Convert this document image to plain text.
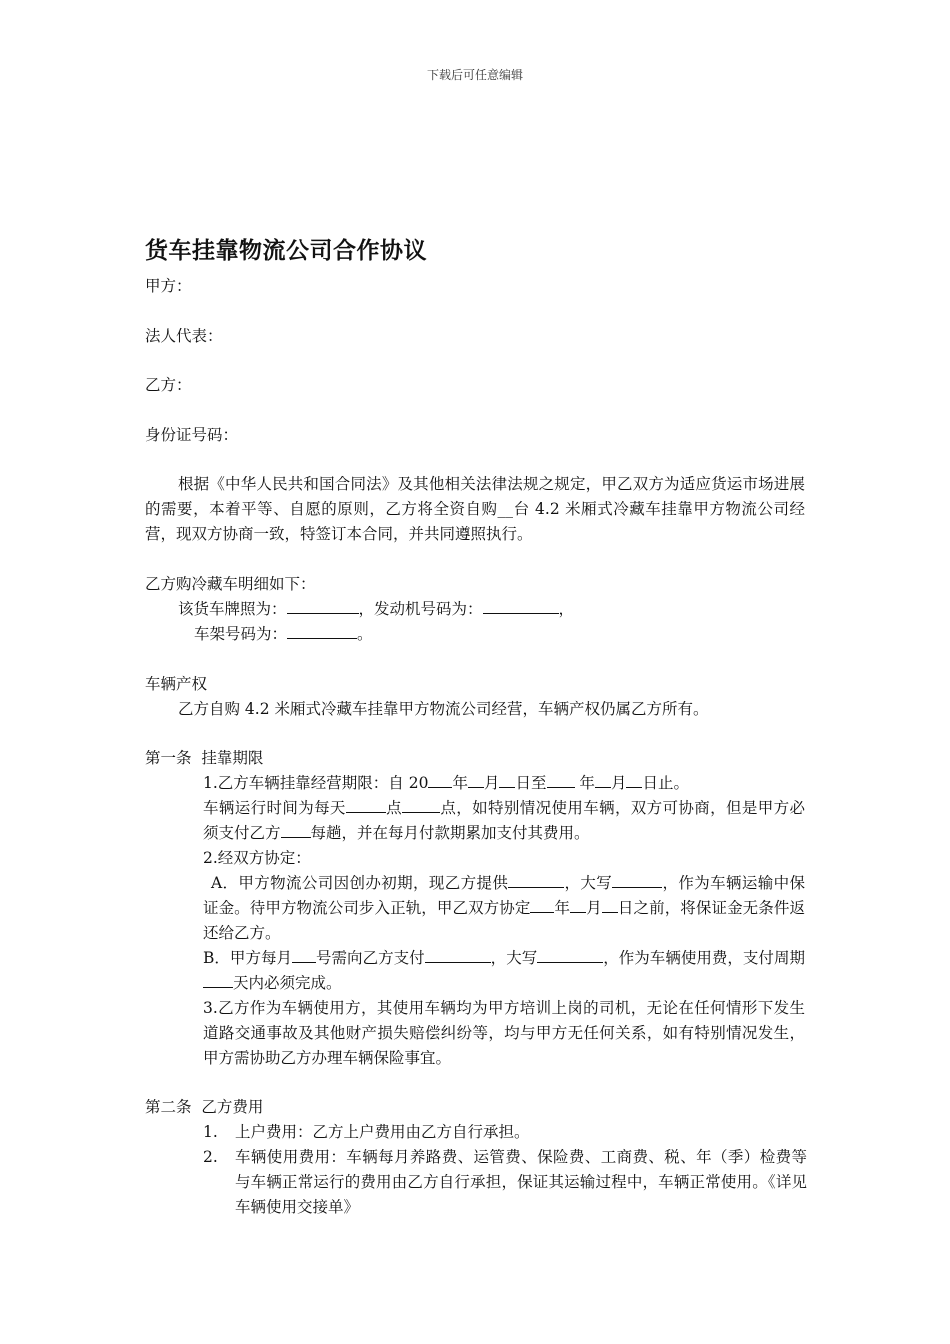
下载后可任意编辑
货车挂靠物流公司合作协议
甲方：
法人代表：
乙方：
身份证号码：
根据《中华人民共和国合同法》及其他相关法律法规之规定，甲乙双方为适应货运市场进展的需要，本着平等、自愿的原则，乙方将全资自购__台 4.2 米厢式冷藏车挂靠甲方物流公司经营，现双方协商一致，特签订本合同，并共同遵照执行。
乙方购冷藏车明细如下：
该货车牌照为：	，发动机号码为：	，
车架号码为：	。
车辆产权
乙方自购 4.2 米厢式冷藏车挂靠甲方物流公司经营，车辆产权仍属乙方所有。
第一条  挂靠期限
1.乙方车辆挂靠经营期限：自 20 年 月 日至 年 月 日止。
车辆运行时间为每天	点 点，如特别情况使用车辆，双方可协商，但是甲方必须支付乙方 每趟，并在每月付款期累加支付其费用。
2.经双方协定：
A．甲方物流公司因创办初期，现乙方提供	，大写	，作为车辆运输中保证金。待甲方物流公司步入正轨，甲乙双方协定 年 月 日之前，将保证金无条件返还给乙方。
B．甲方每月 号需向乙方支付	，大写	，作为车辆使用费，支付周期天内必须完成。
3.乙方作为车辆使用方，其使用车辆均为甲方培训上岗的司机，无论在任何情形下发生道路交通事故及其他财产损失赔偿纠纷等，均与甲方无任何关系，如有特别情况发生，甲方需协助乙方办理车辆保险事宜。
第二条  乙方费用
1. 上户费用：乙方上户费用由乙方自行承担。
2. 车辆使用费用：车辆每月养路费、运管费、保险费、工商费、税、年（季）检费等与车辆正常运行的费用由乙方自行承担，保证其运输过程中，车辆正常使用。《详见车辆使用交接单》
